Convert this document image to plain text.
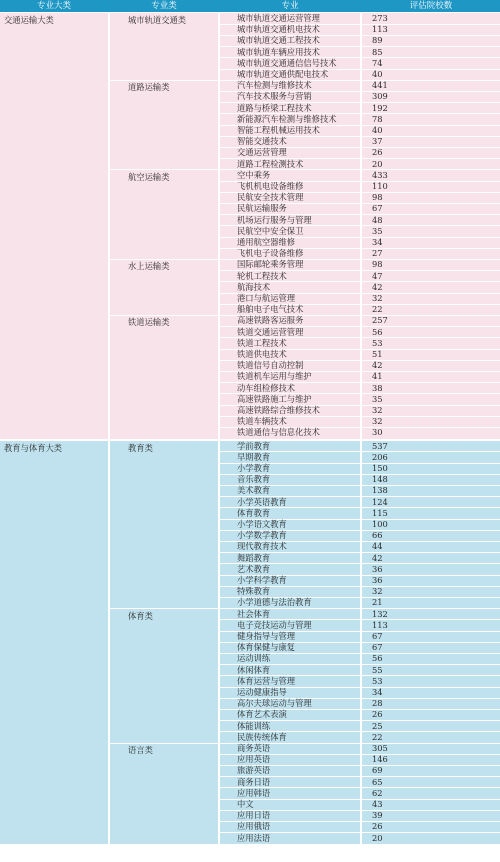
专业大类	专业类	专业	评估院校数
交通运输大类	城市轨道交通类	城市轨道交通运营管理	273
城市轨道交通机电技术	113
城市轨道交通工程技术	89
城市轨道车辆应用技术	85
城市轨道交通通信信号技术	74
城市轨道交通供配电技术	40
道路运输类	汽车检测与维修技术	441
汽车技术服务与营销	309
道路与桥梁工程技术	192
新能源汽车检测与维修技术	78
智能工程机械运用技术	40
智能交通技术	37
交通运营管理	26
道路工程检测技术	20
航空运输类	空中乘务	433
飞机机电设备维修	110
民航安全技术管理	98
民航运输服务	67
机场运行服务与管理	48
民航空中安全保卫	35
通用航空器维修	34
飞机电子设备维修	27
水上运输类	国际邮轮乘务管理	98
轮机工程技术	47
航海技术	42
港口与航运管理	32
船舶电子电气技术	22
铁道运输类	高速铁路客运服务	257
铁道交通运营管理	56
铁道工程技术	53
铁道供电技术	51
铁道信号自动控制	42
铁道机车运用与维护	41
动车组检修技术	38
高速铁路施工与维护	35
高速铁路综合维修技术	32
铁道车辆技术	32
铁道通信与信息化技术	30
教育与体育大类	教育类	学前教育	537
早期教育	206
小学教育	150
音乐教育	148
美术教育	138
小学英语教育	124
体育教育	115
小学语文教育	100
小学数学教育	66
现代教育技术	44
舞蹈教育	42
艺术教育	36
小学科学教育	36
特殊教育	32
小学道德与法治教育	21
体育类	社会体育	132
电子竞技运动与管理	113
健身指导与管理	67
体育保健与康复	67
运动训练	56
休闲体育	55
体育运营与管理	53
运动健康指导	34
高尔夫球运动与管理	28
体育艺术表演	26
体能训练	25
民族传统体育	22
语言类	商务英语	305
应用英语	146
旅游英语	69
商务日语	65
应用韩语	62
中文	43
应用日语	39
应用俄语	26
应用法语	20
